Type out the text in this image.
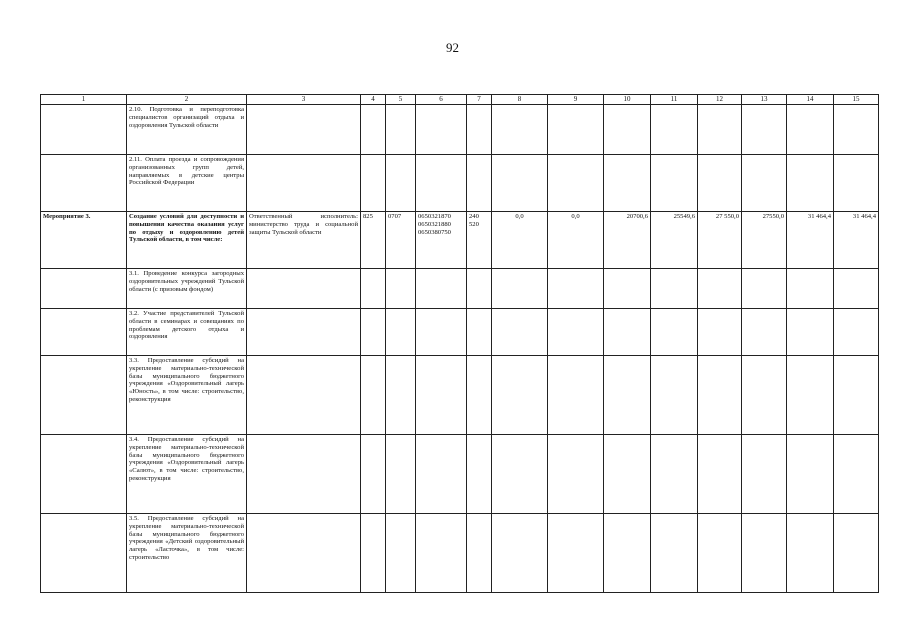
92
1	2	3	4	5	6	7	8	9	10	11	12	13	14	15
	2.10. Подготовка и переподготовка специалистов организаций отдыха и оздоровления Тульской области													
	2.11. Оплата проезда и сопровождения организованных групп детей, направляемых в детские центры Российской Федерации													
Мероприятие 3.	Создание условий для доступности и повышения качества оказания услуг по отдыху и оздоровлению детей Тульской области, в том числе:	Ответственный исполнитель: министерство труда и социальной защиты Тульской области	825	0707	0650321870
0650321880
0650380750	240
520	0,0	0,0	20700,6	25549,6	27 550,0	27550,0	31 464,4	31 464,4
	3.1. Проведение конкурса загородных оздоровительных учреждений Тульской области (с призовым фондом)													
	3.2. Участие представителей Тульской области в семинарах и совещаниях по проблемам детского отдыха и оздоровления													
	3.3. Предоставление субсидий на укрепление материально-технической базы муниципального бюджетного учреждения «Оздоровительный лагерь «Юность», в том числе: строительство, реконструкция													
	3.4. Предоставление субсидий на укрепление материально-технической базы муниципального бюджетного учреждения «Оздоровительный лагерь «Салют», в том числе: строительство, реконструкция													
	3.5. Предоставление субсидий на укрепление материально-технической базы муниципального бюджетного учреждения «Детский оздоровительный лагерь «Ласточка», в том числе: строительство													
